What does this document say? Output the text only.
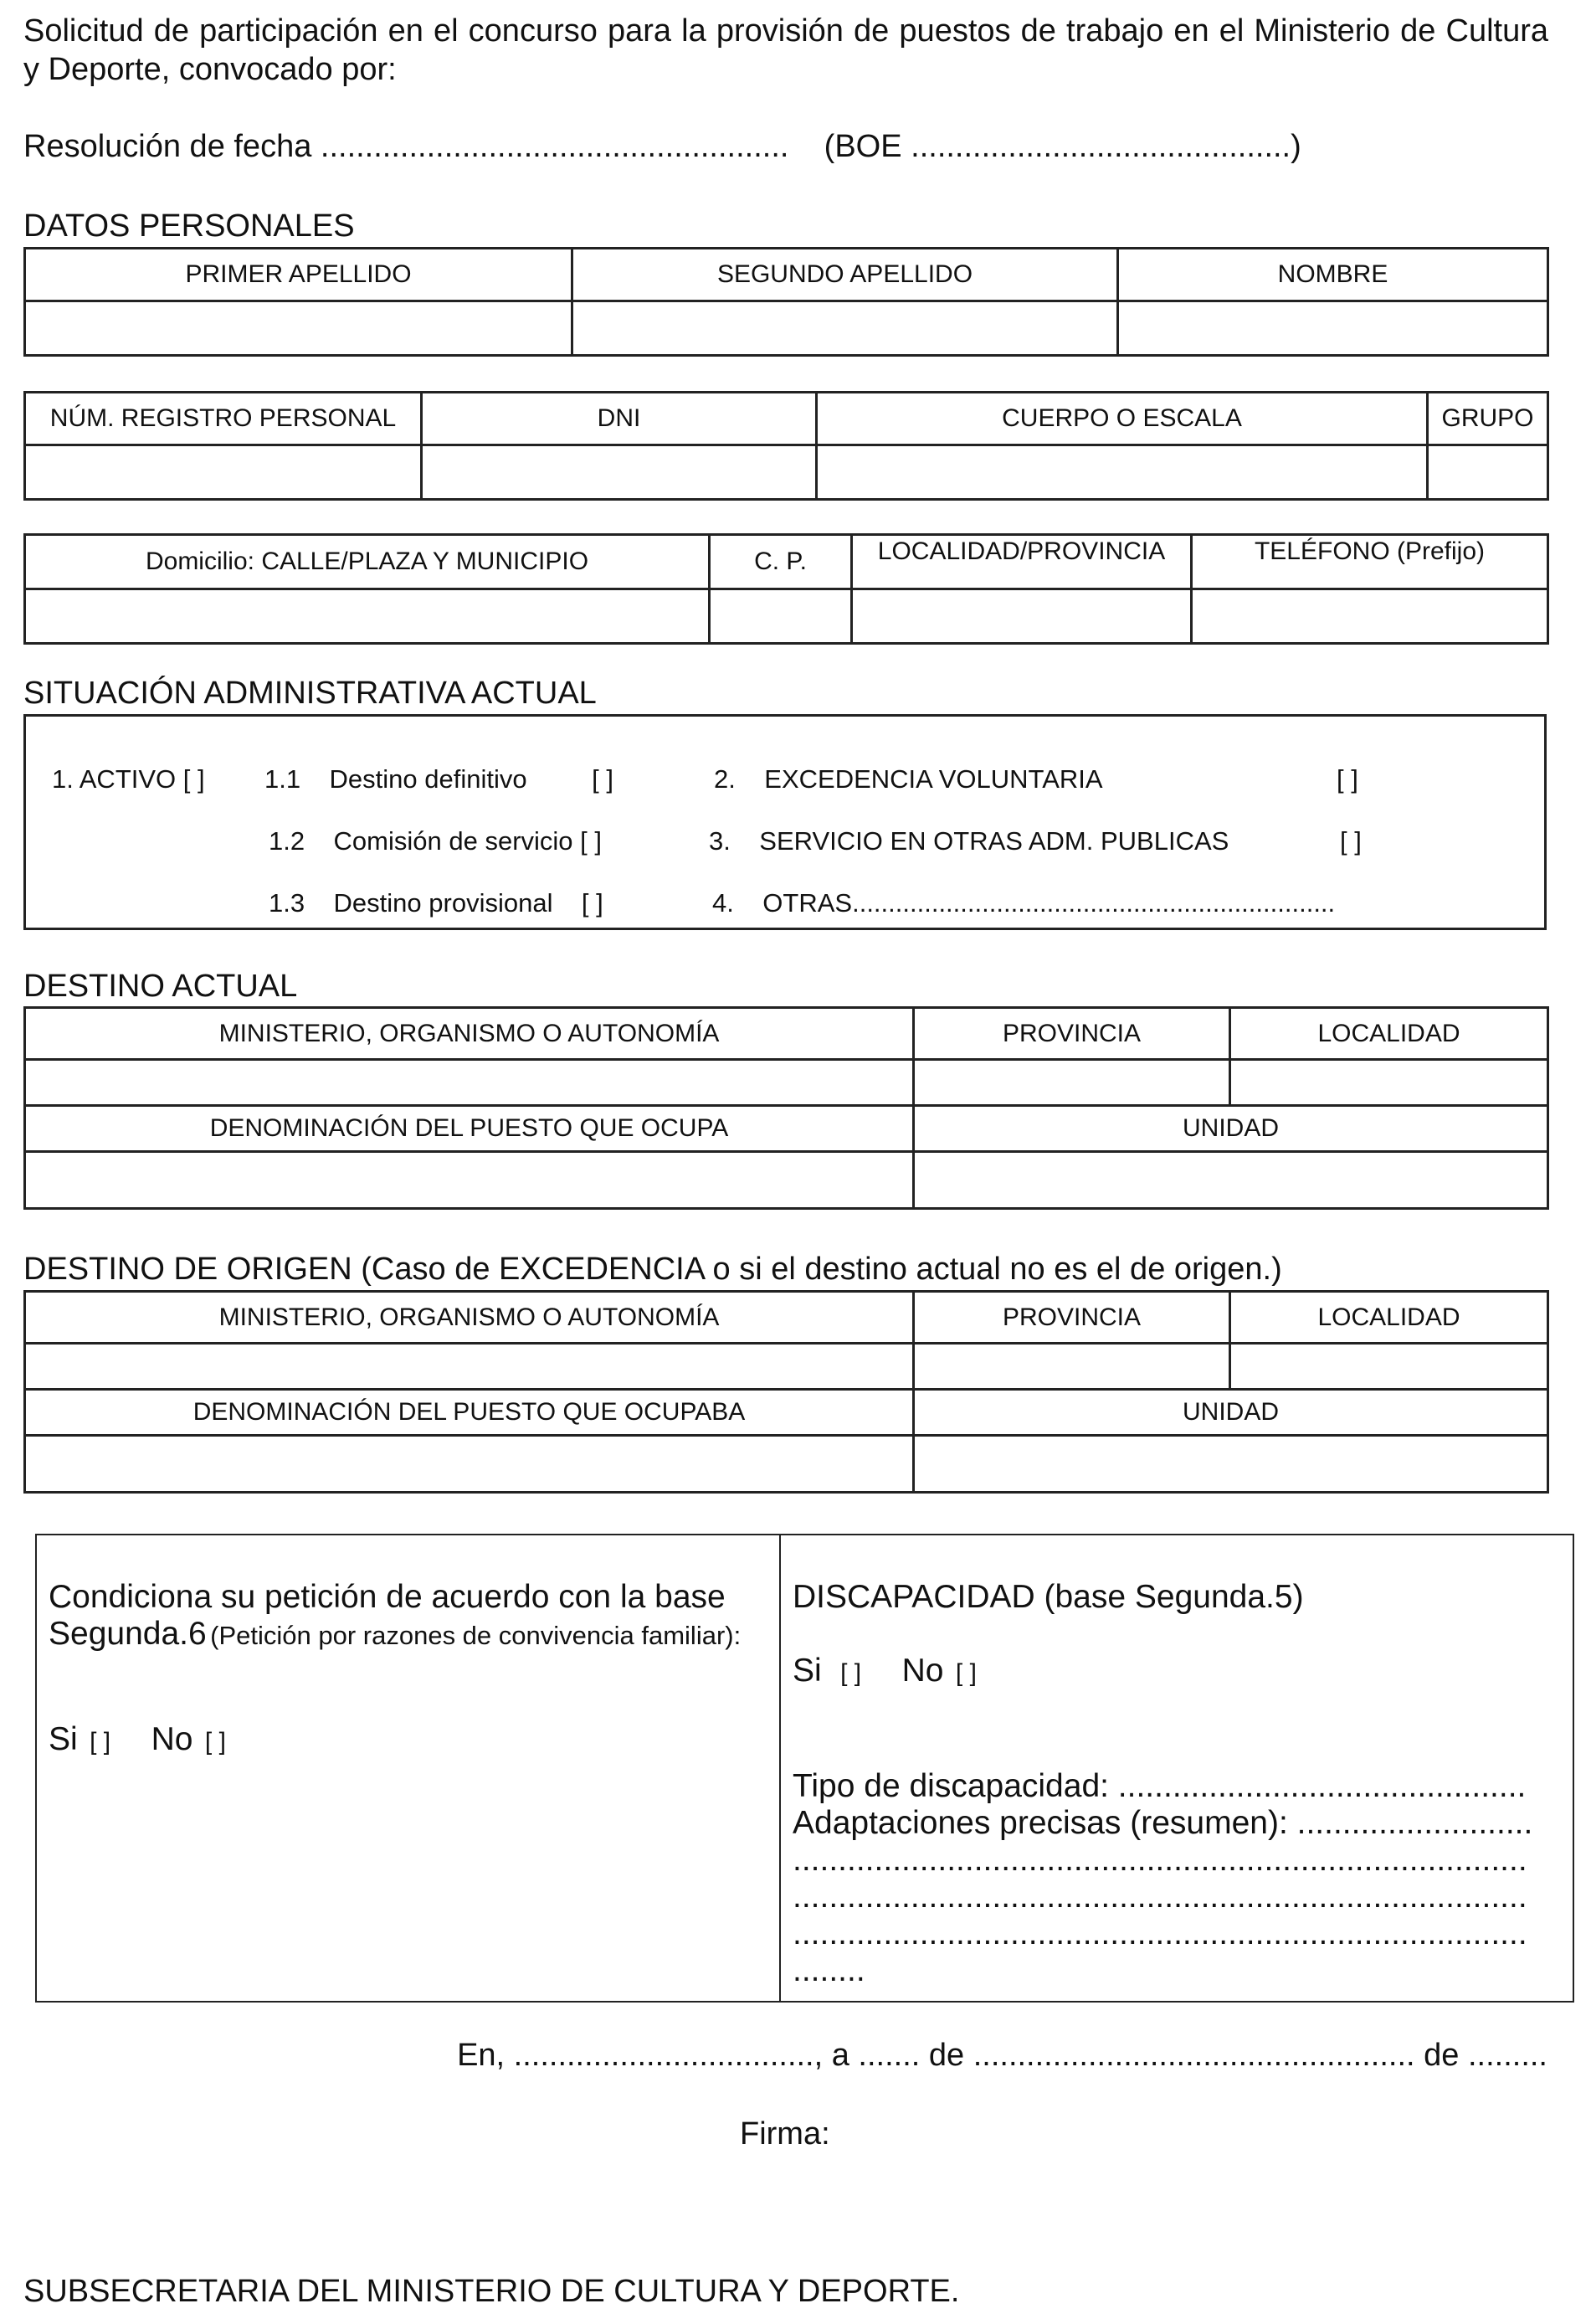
Solicitud de participación en el concurso para la provisión de puestos de trabajo en el Ministerio de Cultura y Deporte, convocado por:
Resolución de fecha .....................................................    (BOE ...........................................)
DATOS PERSONALES
PRIMER APELLIDO	SEGUNDO APELLIDO	NOMBRE

NÚM. REGISTRO PERSONAL	DNI	CUERPO O ESCALA	GRUPO

Domicilio: CALLE/PLAZA Y MUNICIPIO	C. P.	LOCALIDAD/PROVINCIA	TELÉFONO (Prefijo)

SITUACIÓN ADMINISTRATIVA ACTUAL
1. ACTIVO [ ] 1.1    Destino definitivo         [ ]
1.2    Comisión de servicio [ ]
1.3    Destino provisional    [ ]
2.    EXCEDENCIA VOLUNTARIA	[ ]
3.    SERVICIO EN OTRAS ADM. PUBLICAS	[ ]
4.    OTRAS...................................................................
DESTINO ACTUAL
MINISTERIO, ORGANISMO O AUTONOMÍA	PROVINCIA	LOCALIDAD

DENOMINACIÓN DEL PUESTO QUE OCUPA	UNIDAD	

DESTINO DE ORIGEN (Caso de EXCEDENCIA o si el destino actual no es el de origen.)
MINISTERIO, ORGANISMO O AUTONOMÍA	PROVINCIA	LOCALIDAD

DENOMINACIÓN DEL PUESTO QUE OCUPABA	UNIDAD	

Condiciona su petición de acuerdo con la base Segunda.6 (Petición por razones de convivencia familiar):
Si [ ] No [ ]
DISCAPACIDAD (base Segunda.5)
Si [ ] No [ ]
Tipo de discapacidad: .............................................
Adaptaciones precisas (resumen): ..........................
.................................................................................
.................................................................................
.................................................................................
........
En, .................................., a ....... de .................................................. de .........
Firma:
SUBSECRETARIA DEL MINISTERIO DE CULTURA Y DEPORTE.
